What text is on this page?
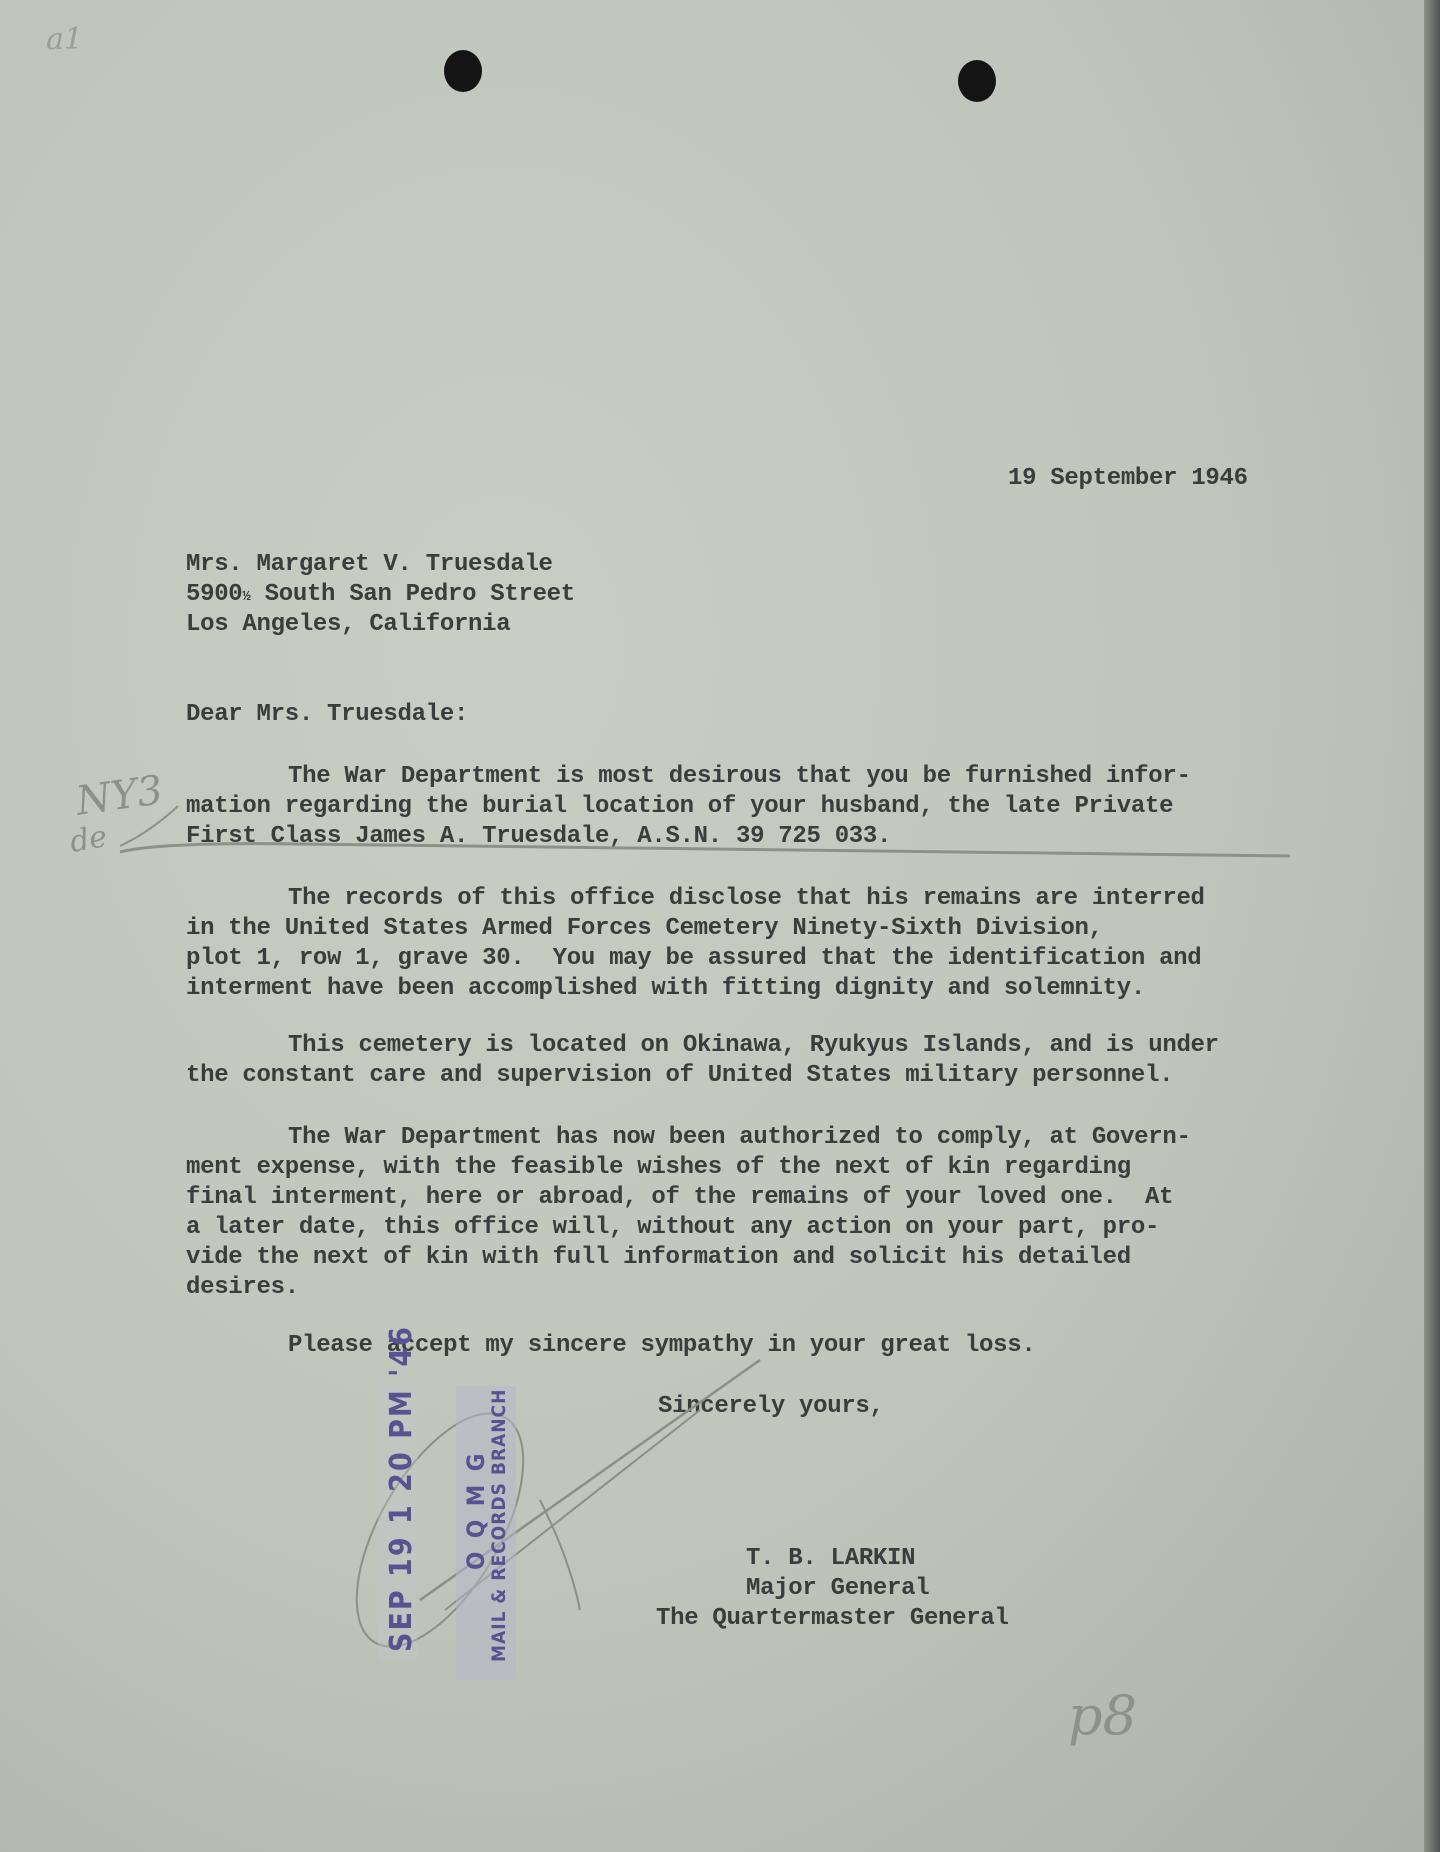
a1
19 September 1946
Mrs. Margaret V. Truesdale
5900½ South San Pedro Street
Los Angeles, California
Dear Mrs. Truesdale:
The War Department is most desirous that you be furnished infor-
mation regarding the burial location of your husband, the late Private
First Class James A. Truesdale, A.S.N. 39 725 033.
The records of this office disclose that his remains are interred
in the United States Armed Forces Cemetery Ninety-Sixth Division,
plot 1, row 1, grave 30.  You may be assured that the identification and
interment have been accomplished with fitting dignity and solemnity.
This cemetery is located on Okinawa, Ryukyus Islands, and is under
the constant care and supervision of United States military personnel.
The War Department has now been authorized to comply, at Govern-
ment expense, with the feasible wishes of the next of kin regarding
final interment, here or abroad, of the remains of your loved one.  At
a later date, this office will, without any action on your part, pro-
vide the next of kin with full information and solicit his detailed
desires.
Please accept my sincere sympathy in your great loss.
Sincerely yours,
T. B. LARKIN
Major General
The Quartermaster General
NY3
de
SEP 19 1 20 PM '46 O Q M G
MAIL & RECORDS BRANCH
p8
